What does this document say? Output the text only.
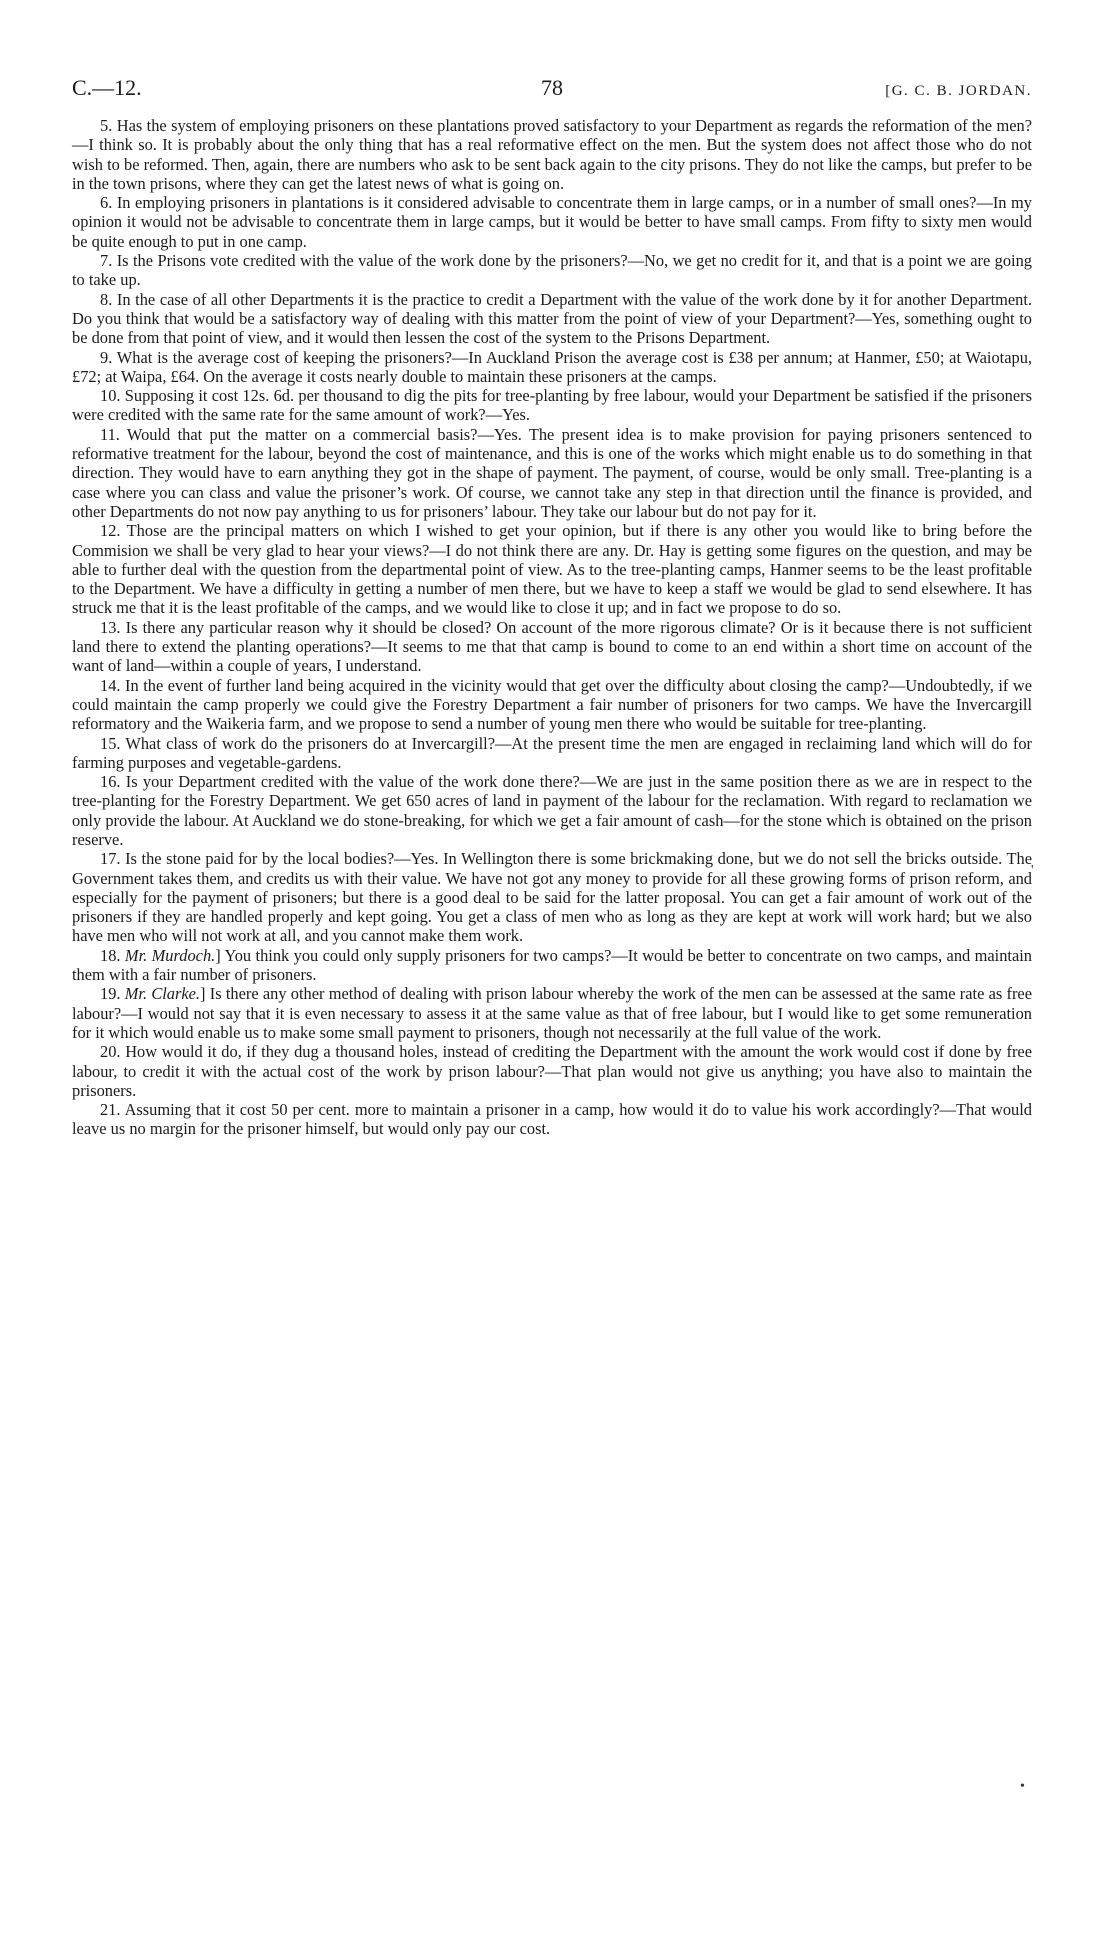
C.—12.	78	[G. C. B. JORDAN.

5. Has the system of employing prisoners on these plantations proved satisfactory to your Department as regards the reformation of the men?—I think so. It is probably about the only thing that has a real reformative effect on the men. But the system does not affect those who do not wish to be reformed. Then, again, there are numbers who ask to be sent back again to the city prisons. They do not like the camps, but prefer to be in the town prisons, where they can get the latest news of what is going on.

6. In employing prisoners in plantations is it considered advisable to concentrate them in large camps, or in a number of small ones?—In my opinion it would not be advisable to concentrate them in large camps, but it would be better to have small camps. From fifty to sixty men would be quite enough to put in one camp.

7. Is the Prisons vote credited with the value of the work done by the prisoners?—No, we get no credit for it, and that is a point we are going to take up.

8. In the case of all other Departments it is the practice to credit a Department with the value of the work done by it for another Department. Do you think that would be a satisfactory way of dealing with this matter from the point of view of your Department?—Yes, something ought to be done from that point of view, and it would then lessen the cost of the system to the Prisons Department.

9. What is the average cost of keeping the prisoners?—In Auckland Prison the average cost is £38 per annum; at Hanmer, £50; at Waiotapu, £72; at Waipa, £64. On the average it costs nearly double to maintain these prisoners at the camps.

10. Supposing it cost 12s. 6d. per thousand to dig the pits for tree-planting by free labour, would your Department be satisfied if the prisoners were credited with the same rate for the same amount of work?—Yes.

11. Would that put the matter on a commercial basis?—Yes. The present idea is to make provision for paying prisoners sentenced to reformative treatment for the labour, beyond the cost of maintenance, and this is one of the works which might enable us to do something in that direction. They would have to earn anything they got in the shape of payment. The payment, of course, would be only small. Tree-planting is a case where you can class and value the prisoner’s work. Of course, we cannot take any step in that direction until the finance is provided, and other Departments do not now pay anything to us for prisoners’ labour. They take our labour but do not pay for it.

12. Those are the principal matters on which I wished to get your opinion, but if there is any other you would like to bring before the Commision we shall be very glad to hear your views?—I do not think there are any. Dr. Hay is getting some figures on the question, and may be able to further deal with the question from the departmental point of view. As to the tree-planting camps, Hanmer seems to be the least profitable to the Department. We have a difficulty in getting a number of men there, but we have to keep a staff we would be glad to send elsewhere. It has struck me that it is the least profitable of the camps, and we would like to close it up; and in fact we propose to do so.

13. Is there any particular reason why it should be closed? On account of the more rigorous climate? Or is it because there is not sufficient land there to extend the planting operations?—It seems to me that that camp is bound to come to an end within a short time on account of the want of land—within a couple of years, I understand.

14. In the event of further land being acquired in the vicinity would that get over the difficulty about closing the camp?—Undoubtedly, if we could maintain the camp properly we could give the Forestry Department a fair number of prisoners for two camps. We have the Invercargill reformatory and the Waikeria farm, and we propose to send a number of young men there who would be suitable for tree-planting.

15. What class of work do the prisoners do at Invercargill?—At the present time the men are engaged in reclaiming land which will do for farming purposes and vegetable-gardens.

16. Is your Department credited with the value of the work done there?—We are just in the same position there as we are in respect to the tree-planting for the Forestry Department. We get 650 acres of land in payment of the labour for the reclamation. With regard to reclamation we only provide the labour. At Auckland we do stone-breaking, for which we get a fair amount of cash—for the stone which is obtained on the prison reserve.

17. Is the stone paid for by the local bodies?—Yes. In Wellington there is some brickmaking done, but we do not sell the bricks outside. The Government takes them, and credits us with their value. We have not got any money to provide for all these growing forms of prison reform, and especially for the payment of prisoners; but there is a good deal to be said for the latter proposal. You can get a fair amount of work out of the prisoners if they are handled properly and kept going. You get a class of men who as long as they are kept at work will work hard; but we also have men who will not work at all, and you cannot make them work.

18. Mr. Murdoch.] You think you could only supply prisoners for two camps?—It would be better to concentrate on two camps, and maintain them with a fair number of prisoners.

19. Mr. Clarke.] Is there any other method of dealing with prison labour whereby the work of the men can be assessed at the same rate as free labour?—I would not say that it is even necessary to assess it at the same value as that of free labour, but I would like to get some remuneration for it which would enable us to make some small payment to prisoners, though not necessarily at the full value of the work.

20. How would it do, if they dug a thousand holes, instead of crediting the Department with the amount the work would cost if done by free labour, to credit it with the actual cost of the work by prison labour?—That plan would not give us anything; you have also to maintain the prisoners.

21. Assuming that it cost 50 per cent. more to maintain a prisoner in a camp, how would it do to value his work accordingly?—That would leave us no margin for the prisoner himself, but would only pay our cost.

'
•
